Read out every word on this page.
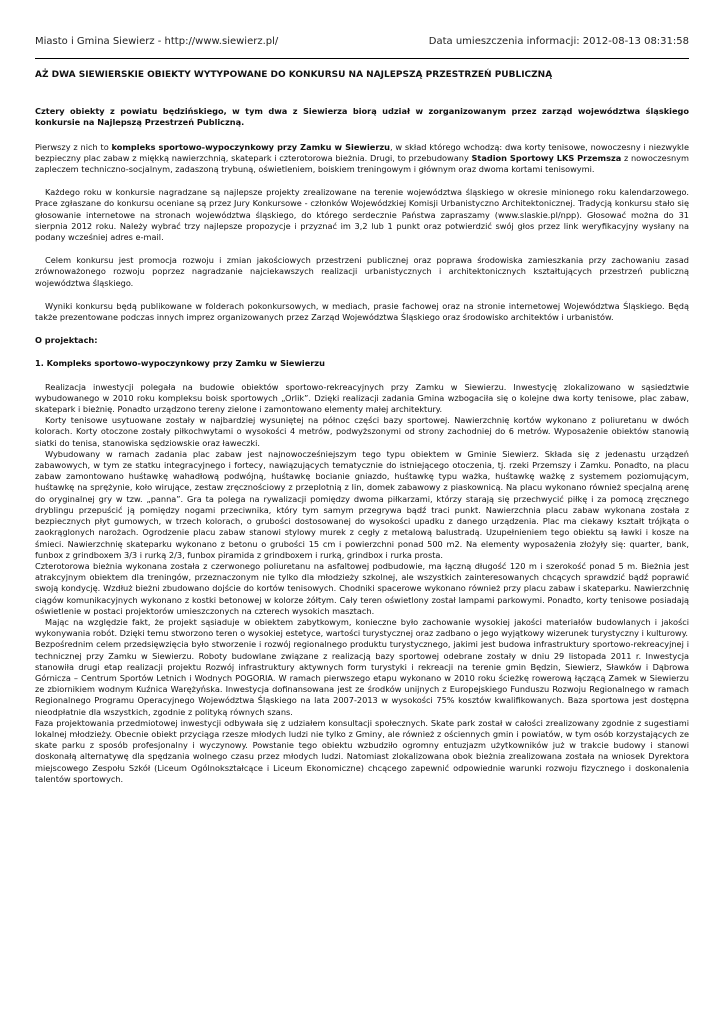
Miasto i Gmina Siewierz - http://www.siewierz.pl/	Data umieszczenia informacji: 2012-08-13 08:31:58
AŻ DWA SIEWIERSKIE OBIEKTY WYTYPOWANE DO KONKURSU NA NAJLEPSZĄ PRZESTRZEŃ PUBLICZNĄ
Cztery obiekty z powiatu będzińskiego, w tym dwa z Siewierza biorą udział w zorganizowanym przez zarząd województwa śląskiego konkursie na Najlepszą Przestrzeń Publiczną.

Pierwszy z nich to kompleks sportowo-wypoczynkowy przy Zamku w Siewierzu, w skład którego wchodzą: dwa korty tenisowe, nowoczesny i niezwykle bezpieczny plac zabaw z miękką nawierzchnią, skatepark i czterotorowa bieżnia. Drugi, to przebudowany Stadion Sportowy LKS Przemsza z nowoczesnym zapleczem techniczno-socjalnym, zadaszoną trybuną, oświetleniem, boiskiem treningowym i głównym oraz dwoma kortami tenisowymi.

Każdego roku w konkursie nagradzane są najlepsze projekty zrealizowane na terenie województwa śląskiego w okresie minionego roku kalendarzowego. Prace zgłaszane do konkursu oceniane są przez Jury Konkursowe - członków Wojewódzkiej Komisji Urbanistyczno Architektonicznej. Tradycją konkursu stało się głosowanie internetowe na stronach województwa śląskiego, do którego serdecznie Państwa zapraszamy (www.slaskie.pl/npp). Głosować można do 31 sierpnia 2012 roku. Należy wybrać trzy najlepsze propozycje i przyznać im 3,2 lub 1 punkt oraz potwierdzić swój głos przez link weryfikacyjny wysłany na podany wcześniej adres e-mail.

Celem konkursu jest promocja rozwoju i zmian jakościowych przestrzeni publicznej oraz poprawa środowiska zamieszkania przy zachowaniu zasad zrównoważonego rozwoju poprzez nagradzanie najciekawszych realizacji urbanistycznych i architektonicznych kształtujących przestrzeń publiczną województwa śląskiego.

Wyniki konkursu będą publikowane w folderach pokonkursowych, w mediach, prasie fachowej oraz na stronie internetowej Województwa Śląskiego. Będą także prezentowane podczas innych imprez organizowanych przez Zarząd Województwa Śląskiego oraz środowisko architektów i urbanistów.

O projektach:
1. Kompleks sportowo-wypoczynkowy przy Zamku w Siewierzu

Realizacja inwestycji polegała na budowie obiektów sportowo-rekreacyjnych przy Zamku w Siewierzu. Inwestycję zlokalizowano w sąsiedztwie wybudowanego w 2010 roku kompleksu boisk sportowych „Orlik”. Dzięki realizacji zadania Gmina wzbogaciła się o kolejne dwa korty tenisowe, plac zabaw, skatepark i bieżnię. Ponadto urządzono tereny zielone i zamontowano elementy małej architektury.

Korty tenisowe usytuowane zostały w najbardziej wysuniętej na północ części bazy sportowej. Nawierzchnię kortów wykonano z poliuretanu w dwóch kolorach. Korty otoczone zostały piłkochwytami o wysokości 4 metrów, podwyższonymi od strony zachodniej do 6 metrów. Wyposażenie obiektów stanowią siatki do tenisa, stanowiska sędziowskie oraz ławeczki.

Wybudowany w ramach zadania plac zabaw jest najnowocześniejszym tego typu obiektem w Gminie Siewierz. Składa się z jedenastu urządzeń zabawowych, w tym ze statku integracyjnego i fortecy, nawiązujących tematycznie do istniejącego otoczenia, tj. rzeki Przemszy i Zamku. Ponadto, na placu zabaw zamontowano huśtawkę wahadłową podwójną, huśtawkę bocianie gniazdo, huśtawkę typu ważka, huśtawkę ważkę z systemem poziomującym, huśtawkę na sprężynie, koło wirujące, zestaw zręcznościowy z przeplotnią z lin, domek zabawowy z piaskownicą. Na placu wykonano również specjalną arenę do oryginalnej gry w tzw. „panna”. Gra ta polega na rywalizacji pomiędzy dwoma piłkarzami, którzy starają się przechwycić piłkę i za pomocą zręcznego dryblingu przepuścić ją pomiędzy nogami przeciwnika, który tym samym przegrywa bądź traci punkt. Nawierzchnia placu zabaw wykonana została z bezpiecznych płyt gumowych, w trzech kolorach, o grubości dostosowanej do wysokości upadku z danego urządzenia. Plac ma ciekawy kształt trójkąta o zaokrąglonych narożach. Ogrodzenie placu zabaw stanowi stylowy murek z cegły z metalową balustradą. Uzupełnieniem tego obiektu są ławki i kosze na śmieci. Nawierzchnię skateparku wykonano z betonu o grubości 15 cm i powierzchni ponad 500 m2. Na elementy wyposażenia złożyły się: quarter, bank, funbox z grindboxem 3/3 i rurką 2/3, funbox piramida z grindboxem i rurką, grindbox i rurka prosta.

Czterotorowa bieżnia wykonana została z czerwonego poliuretanu na asfaltowej podbudowie, ma łączną długość 120 m i szerokość ponad 5 m. Bieżnia jest atrakcyjnym obiektem dla treningów, przeznaczonym nie tylko dla młodzieży szkolnej, ale wszystkich zainteresowanych chcących sprawdzić bądź poprawić swoją kondycję. Wzdłuż bieżni zbudowano dojście do kortów tenisowych. Chodniki spacerowe wykonano również przy placu zabaw i skateparku. Nawierzchnię ciągów komunikacyjnych wykonano z kostki betonowej w kolorze żółtym. Cały teren oświetlony został lampami parkowymi. Ponadto, korty tenisowe posiadają oświetlenie w postaci projektorów umieszczonych na czterech wysokich masztach.

Mając na względzie fakt, że projekt sąsiaduje w obiektem zabytkowym, konieczne było zachowanie wysokiej jakości materiałów budowlanych i jakości wykonywania robót. Dzięki temu stworzono teren o wysokiej estetyce, wartości turystycznej oraz zadbano o jego wyjątkowy wizerunek turystyczny i kulturowy.

Bezpośrednim celem przedsięwzięcia było stworzenie i rozwój regionalnego produktu turystycznego, jakimi jest budowa infrastruktury sportowo-rekreacyjnej i technicznej przy Zamku w Siewierzu. Roboty budowlane związane z realizacją bazy sportowej odebrane zostały w dniu 29 listopada 2011 r. Inwestycja stanowiła drugi etap realizacji projektu Rozwój infrastruktury aktywnych form turystyki i rekreacji na terenie gmin Będzin, Siewierz, Sławków i Dąbrowa Górnicza – Centrum Sportów Letnich i Wodnych POGORIA. W ramach pierwszego etapu wykonano w 2010 roku ścieżkę rowerową łączącą Zamek w Siewierzu ze zbiornikiem wodnym Kuźnica Warężyńska. Inwestycja dofinansowana jest ze środków unijnych z Europejskiego Funduszu Rozwoju Regionalnego w ramach Regionalnego Programu Operacyjnego Województwa Śląskiego na lata 2007-2013 w wysokości 75% kosztów kwalifikowanych. Baza sportowa jest dostępna nieodpłatnie dla wszystkich, zgodnie z polityką równych szans.

Faza projektowania przedmiotowej inwestycji odbywała się z udziałem konsultacji społecznych. Skate park został w całości zrealizowany zgodnie z sugestiami lokalnej młodzieży. Obecnie obiekt przyciąga rzesze młodych ludzi nie tylko z Gminy, ale również z ościennych gmin i powiatów, w tym osób korzystających ze skate parku z sposób profesjonalny i wyczynowy. Powstanie tego obiektu wzbudziło ogromny entuzjazm użytkowników już w trakcie budowy i stanowi doskonałą alternatywę dla spędzania wolnego czasu przez młodych ludzi. Natomiast zlokalizowana obok bieżnia zrealizowana została na wniosek Dyrektora miejscowego Zespołu Szkół (Liceum Ogólnokształcące i Liceum Ekonomiczne) chcącego zapewnić odpowiednie warunki rozwoju fizycznego i doskonalenia talentów sportowych.
